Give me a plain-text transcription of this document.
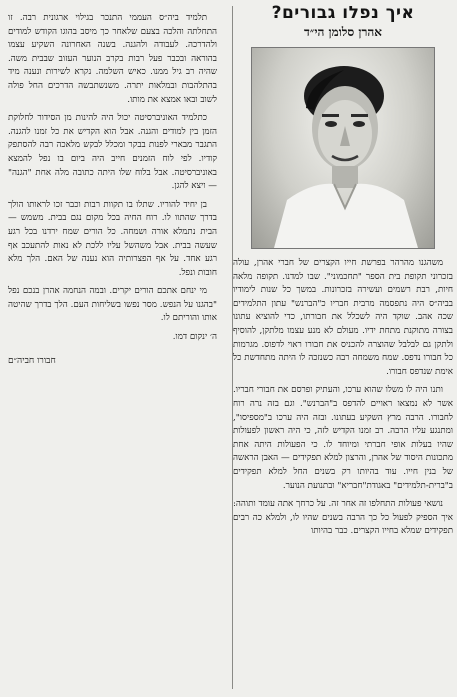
איך נפלו גבורים?
אהרן סלומן הי״ד

משהגנו מהרהר בפרשת חייו הקצרים של חברי אהרן, עולה בזכרוני תקופת בית הספר "תחכמוני". שבו למדנו. תקופה מלאה חיות, רבת רשמים ועשירה בזכרונות. במשך כל שנות לימודיו בביה״ס היה נתפסמה מרבית חבריו כ"הברנש" עתון התלמידים שכה אהב. שוקד היה לשכלל את חבורתו, כדי להוציא עתונו בצורה מתוקנת מתחת ידיו. מעולם לא מנע עצמו מלתקן, להוסיף ולתקן גם לבלבל שהוצרה להכניס את חבורו ראוי לדפוס. מגרמות כל חבורו נדפס. שמח משמחה רבה כשנזכה לו היתה מתחדשת כל אימת שנדפס חבורו.

ותנו היה לו משלו שהוא ערכו, והעתיק ופרסם את חבורי חבריו. אשר לא נמצאו ראויים להדפס ב"הברנש". וגם בזה נרה רוח לחבורו. הרבה מרץ השקיע בעתונו. ובזה היה ערכו ב"מספיסו", ומתנגע עליו הרבה. רב זמנו הקדיש לזה, כי היה ראשון לפעולות שהיו בעלות אופי חברתי ומיוחד לו. כי הפעולות היתה אחת מתכונות היסוד של אהרן, והרצון למלא תפקידים — האבן הראשה של בנין חייו. עוד בהיותו רק בשנים החל למלא תפקידים ב"ברית-תלמידים" באגודת"חבריא" ובתנועת הנוער.

נושאי פעולות התחלפו זה אחר זה. על כרחך אתה עומד ותוהה: איך הספיק לפעול כל כך הרבה בשנים שהיו לו, ולמלא כה רבים תפקידים שמלא בחייו הקצרים. כבר בהיותו

תלמיד ביה״ס העממי התנכר בגילוי ארגונית רבה. זו התחלתה והלכה בצעם שלאחר כך מיסב בהוגו הקודש למודים ולהדרכה. לעבודה ולהגנה. בשנה האחרונה השקיע עצמו בהוראה ובכבר פעל רבות בקרב הנוער העזוב שבבית משה. שהיה רב גיל ממנו. כאיש השלמה. נקרא לשירות ונענה מיד בהתלהבות ובמלאות יתרה. משנשתבשה הדרכים החל פולה לשוב ובאו אמצא את מותו.

כתלמיד האוניברסיטה יכול היה להינות מן הסידור לחלוקת הזמן בין למודים והגנה. אבל הוא הקדיש את כל זמנו להגנה. התגבר מבארי לפנות בבקר ומכלל לבקש מלאכה רבה להסתפק קודיו. לפי לוח הזמנים חייב היה ביום בו נפל להמצא באוניברסיטה. אבל בלוח שלו היתה כתובה מלה אחת "הגנה" — ויצא להגן.

בן יחיד להוריו. שתלו בו תקוות רבות וכבר זכו לראותו הולך בדרך שהתוו לו. רוח החיה בכל מקום נגם בבית. משמש — הבית נתמלא אורה ושמחה. כל הורים שמח ירדנו בכל רגע שעשה בבית. אבל משהשל עליו ללכת לא נאות להתעכב אף רגע אחד. על אף הפצרותיה הוא נענה של האם. הלך מלא חובות ונפל.

מי ינחם אתכם הורים יקרים. ובמה הנחמה אהרן בנכם נפל "בהגנו על הנפש. מסר נפשו בשליחות העם. הלך בדרך שהיטה אותו והוריתם לו.

ה׳ ינקום דמו.

חבורו חביה״ם
